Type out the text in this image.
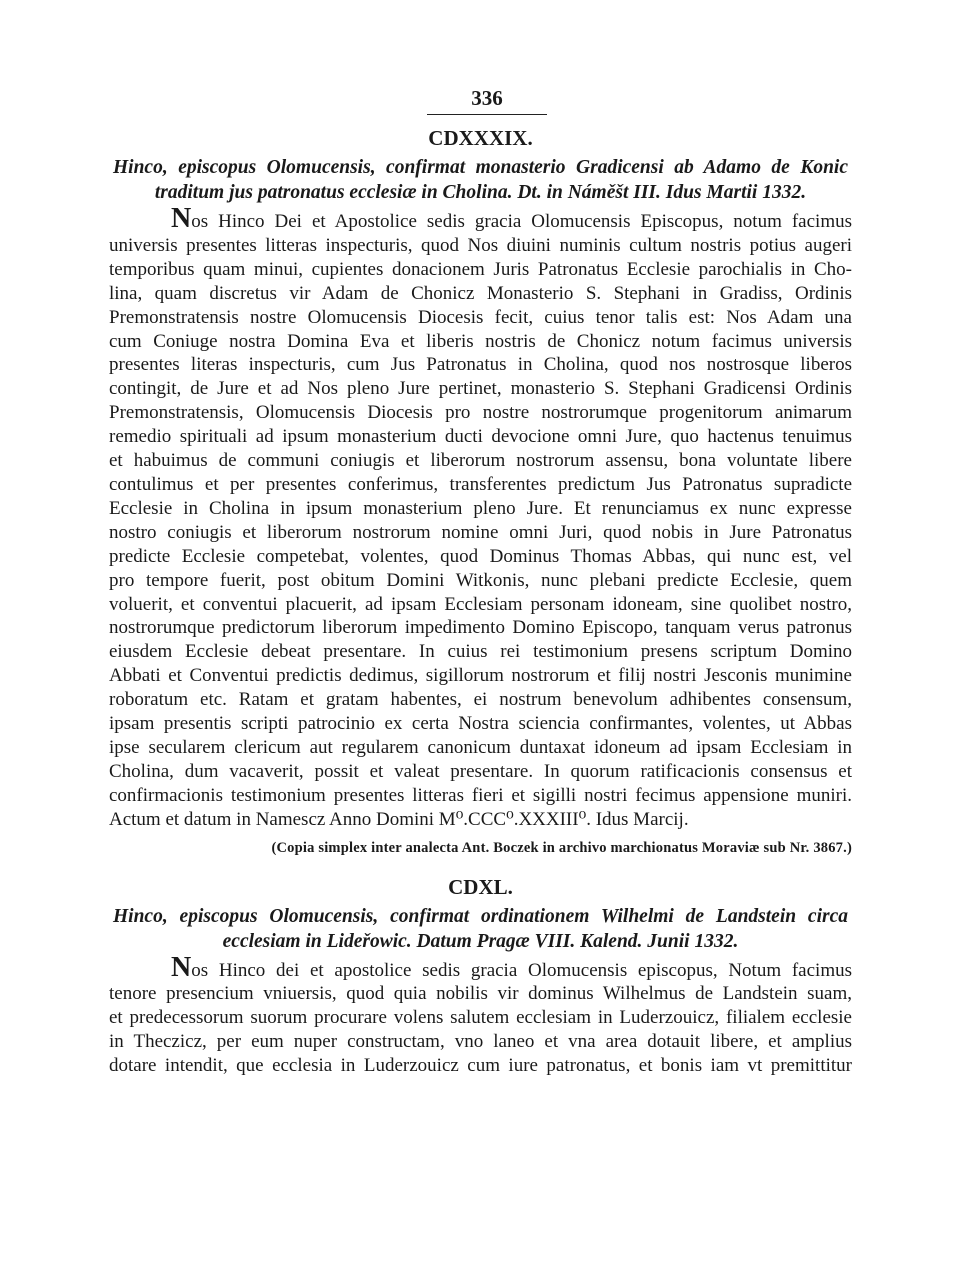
336
CDXXXIX.
Hinco, episcopus Olomucensis, confirmat monasterio Gradicensi ab Adamo de Konic traditum jus patronatus ecclesiæ in Cholina. Dt. in Náměšt III. Idus Martii 1332.
Nos Hinco Dei et Apostolice sedis gracia Olomucensis Episcopus, notum facimus
universis presentes litteras inspecturis, quod Nos diuini numinis cultum nostris potius augeri
temporibus quam minui, cupientes donacionem Juris Patronatus Ecclesie parochialis in Cho-
lina, quam discretus vir Adam de Chonicz Monasterio S. Stephani in Gradiss, Ordinis
Premonstratensis nostre Olomucensis Diocesis fecit, cuius tenor talis est: Nos Adam una
cum Coniuge nostra Domina Eva et liberis nostris de Chonicz notum facimus universis
presentes literas inspecturis, cum Jus Patronatus in Cholina, quod nos nostrosque liberos
contingit, de Jure et ad Nos pleno Jure pertinet, monasterio S. Stephani Gradicensi Ordinis
Premonstratensis, Olomucensis Diocesis pro nostre nostrorumque progenitorum animarum
remedio spirituali ad ipsum monasterium ducti devocione omni Jure, quo hactenus tenuimus
et habuimus de communi coniugis et liberorum nostrorum assensu, bona voluntate libere
contulimus et per presentes conferimus, transferentes predictum Jus Patronatus supradicte
Ecclesie in Cholina in ipsum monasterium pleno Jure. Et renunciamus ex nunc expresse
nostro coniugis et liberorum nostrorum nomine omni Juri, quod nobis in Jure Patronatus
predicte Ecclesie competebat, volentes, quod Dominus Thomas Abbas, qui nunc est, vel
pro tempore fuerit, post obitum Domini Witkonis, nunc plebani predicte Ecclesie, quem
voluerit, et conventui placuerit, ad ipsam Ecclesiam personam idoneam, sine quolibet nostro,
nostrorumque predictorum liberorum impedimento Domino Episcopo, tanquam verus patronus
eiusdem Ecclesie debeat presentare. In cuius rei testimonium presens scriptum Domino
Abbati et Conventui predictis dedimus, sigillorum nostrorum et filij nostri Jesconis munimine
roboratum etc. Ratam et gratam habentes, ei nostrum benevolum adhibentes consensum,
ipsam presentis scripti patrocinio ex certa Nostra sciencia confirmantes, volentes, ut Abbas
ipse secularem clericum aut regularem canonicum duntaxat idoneum ad ipsam Ecclesiam in
Cholina, dum vacaverit, possit et valeat presentare. In quorum ratificacionis consensus et
confirmacionis testimonium presentes litteras fieri et sigilli nostri fecimus appensione muniri.
Actum et datum in Namescz Anno Domini M⁰.CCC⁰.XXXIII⁰. Idus Marcij.
(Copia simplex inter analecta Ant. Boczek in archivo marchionatus Moraviæ sub Nr. 3867.)
CDXL.
Hinco, episcopus Olomucensis, confirmat ordinationem Wilhelmi de Landstein circa ecclesiam in Lideřowic. Datum Pragæ VIII. Kalend. Junii 1332.
Nos Hinco dei et apostolice sedis gracia Olomucensis episcopus, Notum facimus
tenore presencium vniuersis, quod quia nobilis vir dominus Wilhelmus de Landstein suam,
et predecessorum suorum procurare volens salutem ecclesiam in Luderzouicz, filialem ecclesie
in Theczicz, per eum nuper constructam, vno laneo et vna area dotauit libere, et amplius
dotare intendit, que ecclesia in Luderzouicz cum iure patronatus, et bonis iam vt premittitur
